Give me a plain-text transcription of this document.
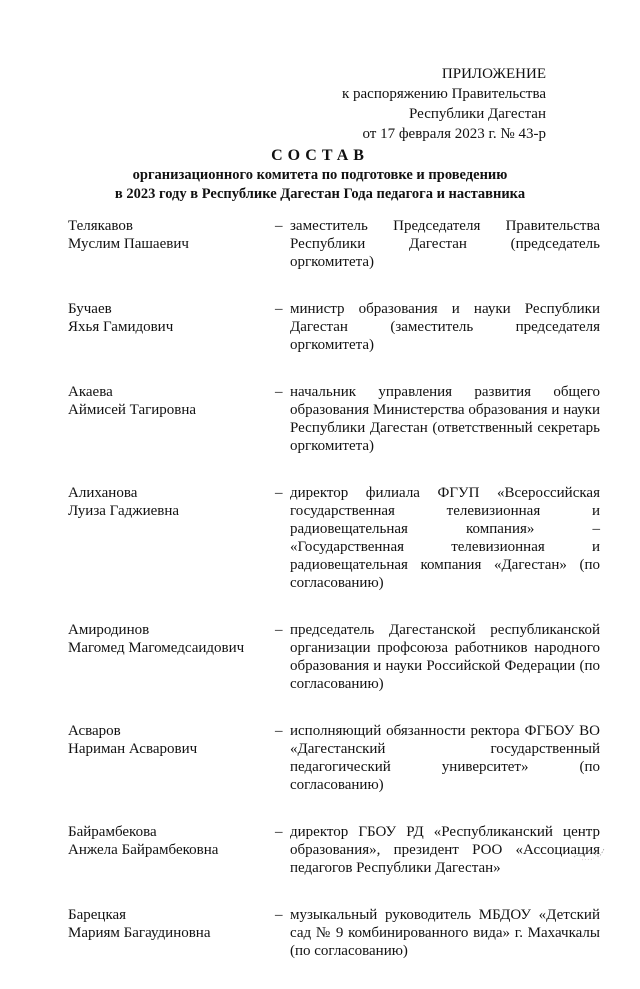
ПРИЛОЖЕНИЕ
к распоряжению Правительства
Республики Дагестан
от 17 февраля 2023 г. № 43-р
СОСТАВ
организационного комитета по подготовке и проведению
в 2023 году в Республике Дагестан Года педагога и наставника
Телякавов
Муслим Пашаевич
– заместитель Председателя Правительства Республики Дагестан (председатель оргкомитета)
Бучаев
Яхья Гамидович
– министр образования и науки Республики Дагестан (заместитель председателя оргкомитета)
Акаева
Аймисей Тагировна
– начальник управления развития общего образования Министерства образования и науки Республики Дагестан (ответственный секретарь оргкомитета)
Алиханова
Луиза Гаджиевна
– директор филиала ФГУП «Всероссийская государственная телевизионная и радиовещательная компания» – «Государственная телевизионная и радиовещательная компания «Дагестан» (по согласованию)
Амиродинов
Магомед Магомедсаидович
– председатель Дагестанской республиканской организации профсоюза работников народного образования и науки Российской Федерации (по согласованию)
Асваров
Нариман Асварович
– исполняющий обязанности ректора ФГБОУ ВО «Дагестанский государственный педагогический университет» (по согласованию)
Байрамбекова
Анжела Байрамбековна
– директор ГБОУ РД «Республиканский центр образования», президент РОО «Ассоциация педагогов Республики Дагестан»
Барецкая
Мариям Багаудиновна
– музыкальный руководитель МБДОУ «Детский сад № 9 комбинированного вида» г. Махачкалы (по согласованию)
